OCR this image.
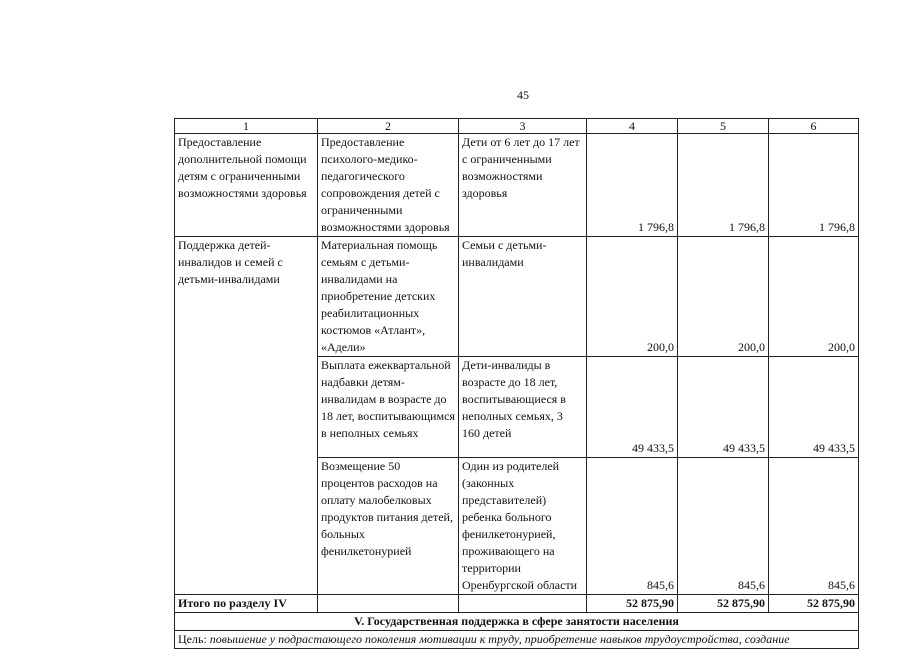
45
1	2	3	4	5	6
Предоставление дополнительной помощи детям с ограниченными возможностями здоровья	Предоставление психолого-медико-педагогического сопровождения детей с ограниченными возможностями здоровья	Дети от 6 лет до 17 лет с ограниченными возможностями здоровья	1 796,8	1 796,8	1 796,8
Поддержка детей-инвалидов и семей с детьми-инвалидами	Материальная помощь семьям с детьми-инвалидами на приобретение детских реабилитационных костюмов «Атлант», «Адели»	Семьи с детьми-инвалидами	200,0	200,0	200,0
	Выплата ежеквартальной надбавки детям-инвалидам в возрасте до 18 лет, воспитывающимся в неполных семьях	Дети-инвалиды в возрасте до 18 лет, воспитывающиеся в неполных семьях, 3 160 детей	49 433,5	49 433,5	49 433,5
	Возмещение 50 процентов расходов на оплату малобелковых продуктов питания детей, больных фенилкетонурией	Один из родителей (законных представителей) ребенка больного фенилкетонурией, проживающего на территории Оренбургской области	845,6	845,6	845,6
Итого по разделу IV			52 875,90	52 875,90	52 875,90
V. Государственная поддержка в сфере занятости населения					
Цель: повышение у подрастающего поколения мотивации к труду, приобретение навыков трудоустройства, создание					
